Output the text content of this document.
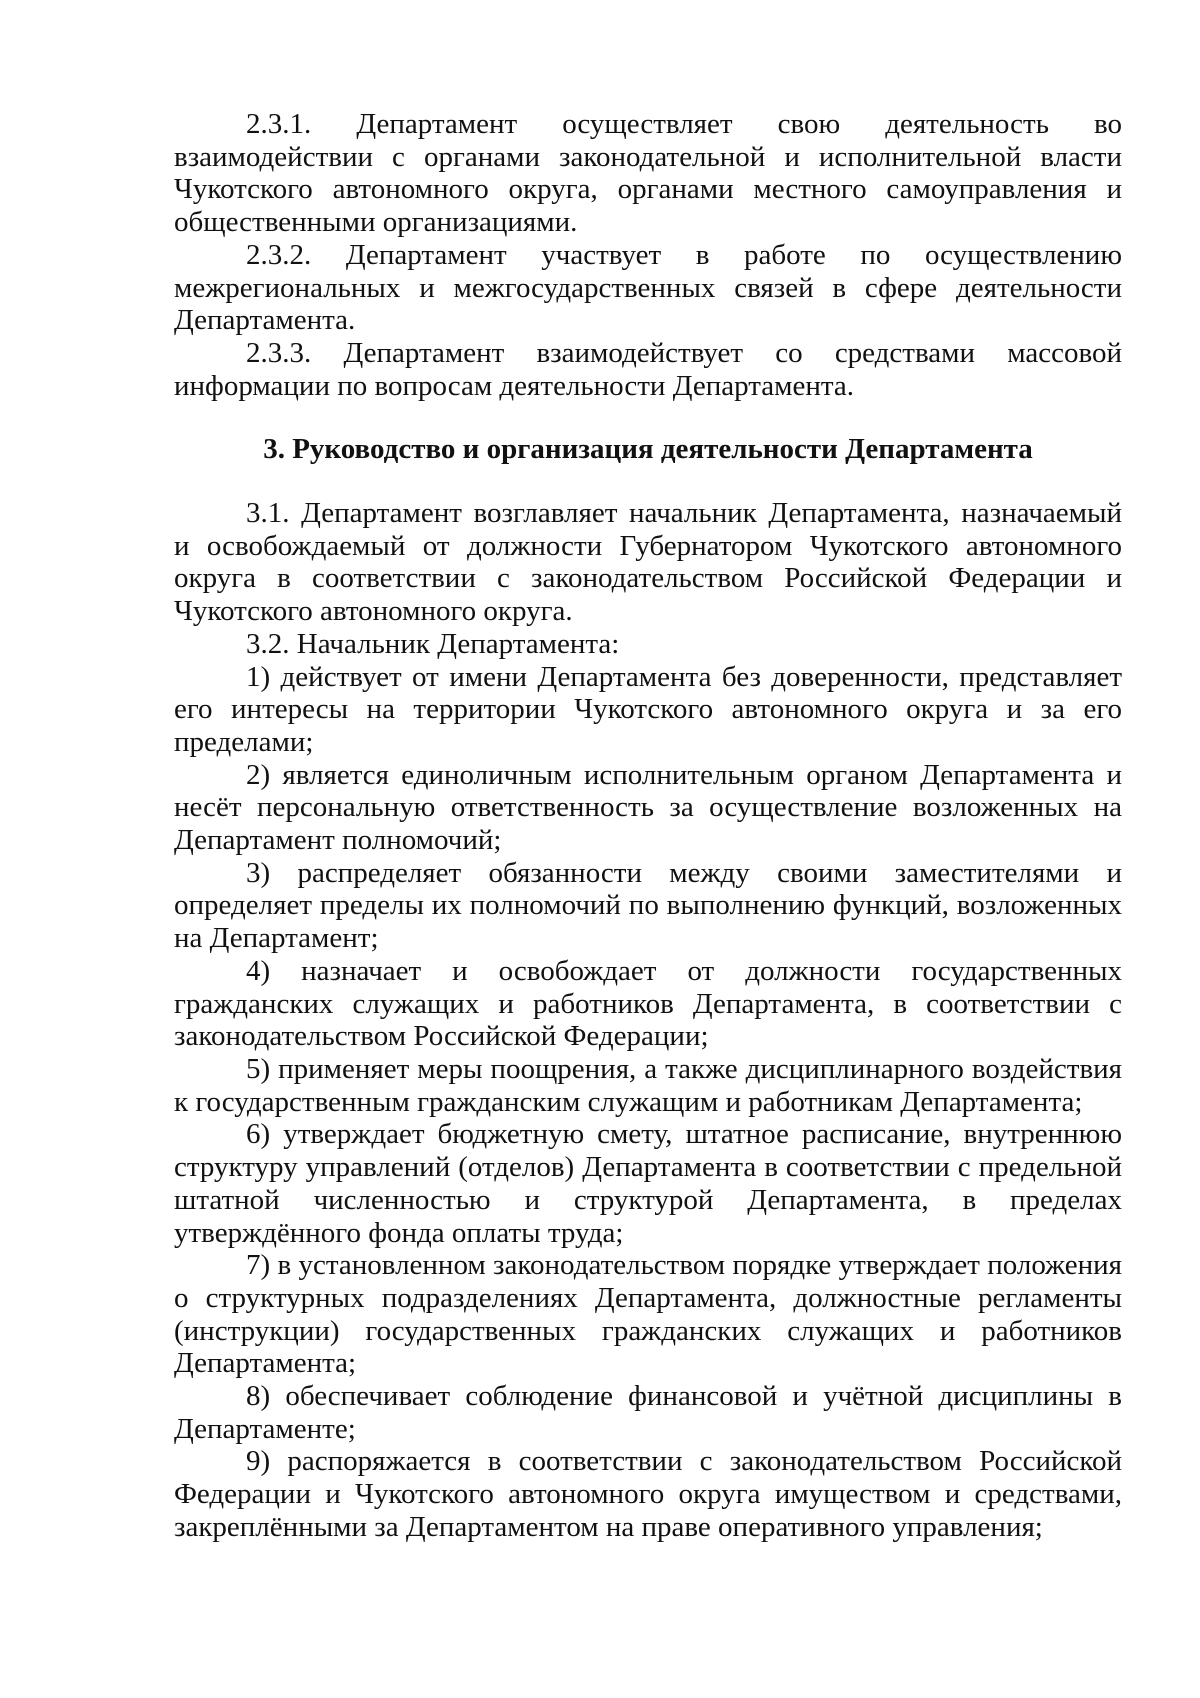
2.3.1. Департамент осуществляет свою деятельность во взаимодействии с органами законодательной и исполнительной власти Чукотского автономного округа, органами местного самоуправления и общественными организациями.

2.3.2. Департамент участвует в работе по осуществлению межрегиональных и межгосударственных связей в сфере деятельности Департамента.

2.3.3. Департамент взаимодействует со средствами массовой информации по вопросам деятельности Департамента.

3. Руководство и организация деятельности Департамента

3.1. Департамент возглавляет начальник Департамента, назначаемый и освобождаемый от должности Губернатором Чукотского автономного округа в соответствии с законодательством Российской Федерации и Чукотского автономного округа.

3.2. Начальник Департамента:

1) действует от имени Департамента без доверенности, представляет его интересы на территории Чукотского автономного округа и за его пределами;

2) является единоличным исполнительным органом Департамента и несёт персональную ответственность за осуществление возложенных на Департамент полномочий;

3) распределяет обязанности между своими заместителями и определяет пределы их полномочий по выполнению функций, возложенных на Департамент;

4) назначает и освобождает от должности государственных гражданских служащих и работников Департамента, в соответствии с законодательством Российской Федерации;

5) применяет меры поощрения, а также дисциплинарного воздействия к государственным гражданским служащим и работникам Департамента;

6) утверждает бюджетную смету, штатное расписание, внутреннюю структуру управлений (отделов) Департамента в соответствии с предельной штатной численностью и структурой Департамента, в пределах утверждённого фонда оплаты труда;

7) в установленном законодательством порядке утверждает положения о структурных подразделениях Департамента, должностные регламенты (инструкции) государственных гражданских служащих и работников Департамента;

8) обеспечивает соблюдение финансовой и учётной дисциплины в Департаменте;

9) распоряжается в соответствии с законодательством Российской Федерации и Чукотского автономного округа имуществом и средствами, закреплёнными за Департаментом на праве оперативного управления;
